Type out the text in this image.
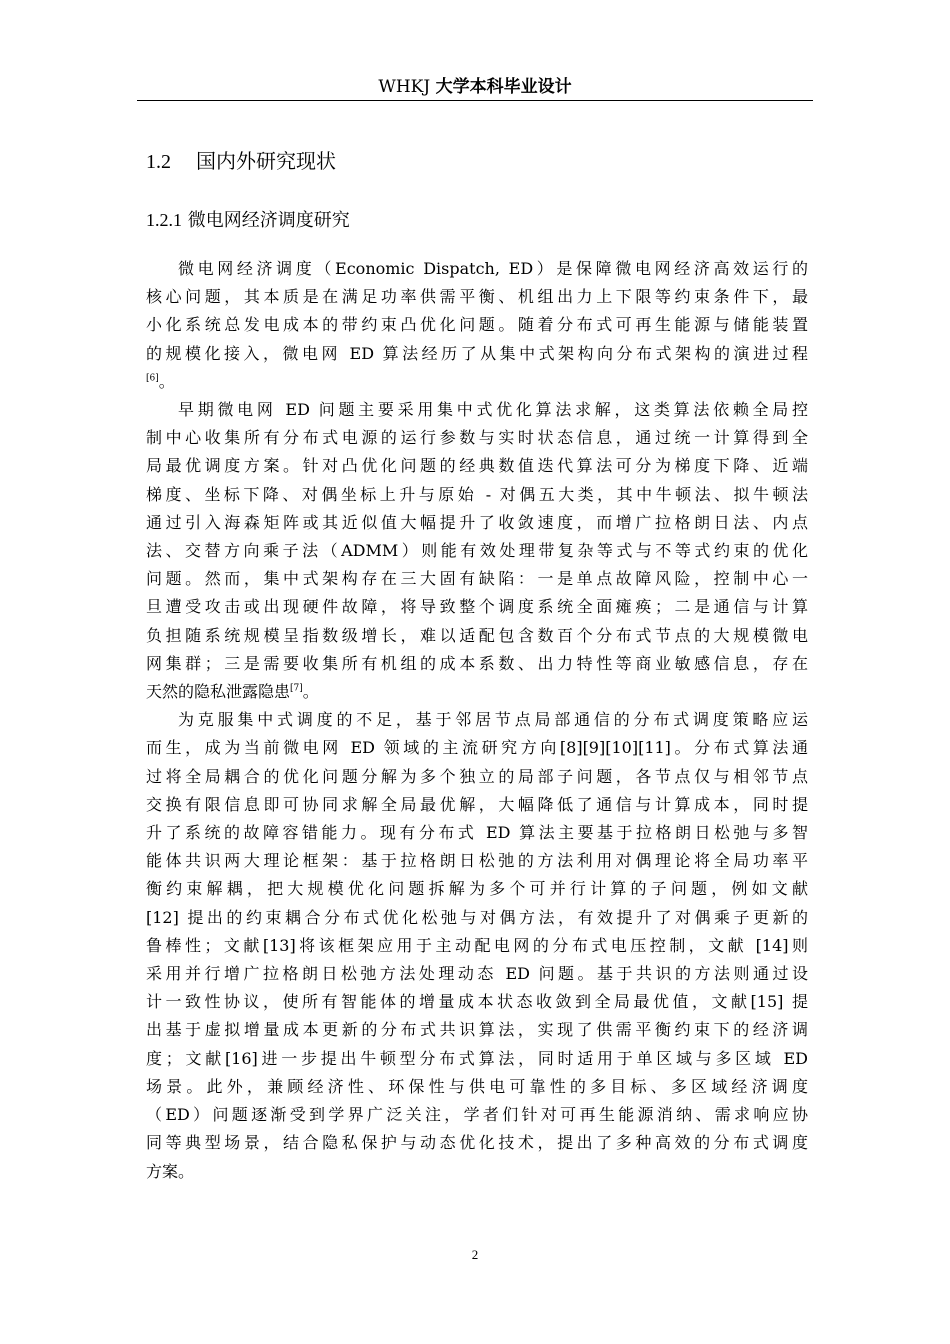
WHKJ 大学本科毕业设计
1.2 国内外研究现状
1.2.1 微电网经济调度研究
微电网经济调度（Economic Dispatch, ED）是保障微电网经济高效运行的
核心问题，其本质是在满足功率供需平衡、机组出力上下限等约束条件下，最
小化系统总发电成本的带约束凸优化问题。随着分布式可再生能源与储能装置
的规模化接入，微电网 ED 算法经历了从集中式架构向分布式架构的演进过程
[6]。
早期微电网 ED 问题主要采用集中式优化算法求解，这类算法依赖全局控
制中心收集所有分布式电源的运行参数与实时状态信息，通过统一计算得到全
局最优调度方案。针对凸优化问题的经典数值迭代算法可分为梯度下降、近端
梯度、坐标下降、对偶坐标上升与原始 - 对偶五大类，其中牛顿法、拟牛顿法
通过引入海森矩阵或其近似值大幅提升了收敛速度，而增广拉格朗日法、内点
法、交替方向乘子法（ADMM）则能有效处理带复杂等式与不等式约束的优化
问题。然而，集中式架构存在三大固有缺陷：一是单点故障风险，控制中心一
旦遭受攻击或出现硬件故障，将导致整个调度系统全面瘫痪；二是通信与计算
负担随系统规模呈指数级增长，难以适配包含数百个分布式节点的大规模微电
网集群；三是需要收集所有机组的成本系数、出力特性等商业敏感信息，存在
天然的隐私泄露隐患[7]。
为克服集中式调度的不足，基于邻居节点局部通信的分布式调度策略应运
而生，成为当前微电网 ED 领域的主流研究方向[8][9][10][11]。分布式算法通
过将全局耦合的优化问题分解为多个独立的局部子问题，各节点仅与相邻节点
交换有限信息即可协同求解全局最优解，大幅降低了通信与计算成本，同时提
升了系统的故障容错能力。现有分布式 ED 算法主要基于拉格朗日松弛与多智
能体共识两大理论框架：基于拉格朗日松弛的方法利用对偶理论将全局功率平
衡约束解耦，把大规模优化问题拆解为多个可并行计算的子问题，例如文献
[12] 提出的约束耦合分布式优化松弛与对偶方法，有效提升了对偶乘子更新的
鲁棒性；文献[13]将该框架应用于主动配电网的分布式电压控制，文献 [14]则
采用并行增广拉格朗日松弛方法处理动态 ED 问题。基于共识的方法则通过设
计一致性协议，使所有智能体的增量成本状态收敛到全局最优值，文献[15] 提
出基于虚拟增量成本更新的分布式共识算法，实现了供需平衡约束下的经济调
度；文献[16]进一步提出牛顿型分布式算法，同时适用于单区域与多区域 ED
场景。此外，兼顾经济性、环保性与供电可靠性的多目标、多区域经济调度
（ED）问题逐渐受到学界广泛关注，学者们针对可再生能源消纳、需求响应协
同等典型场景，结合隐私保护与动态优化技术，提出了多种高效的分布式调度
方案。
2
